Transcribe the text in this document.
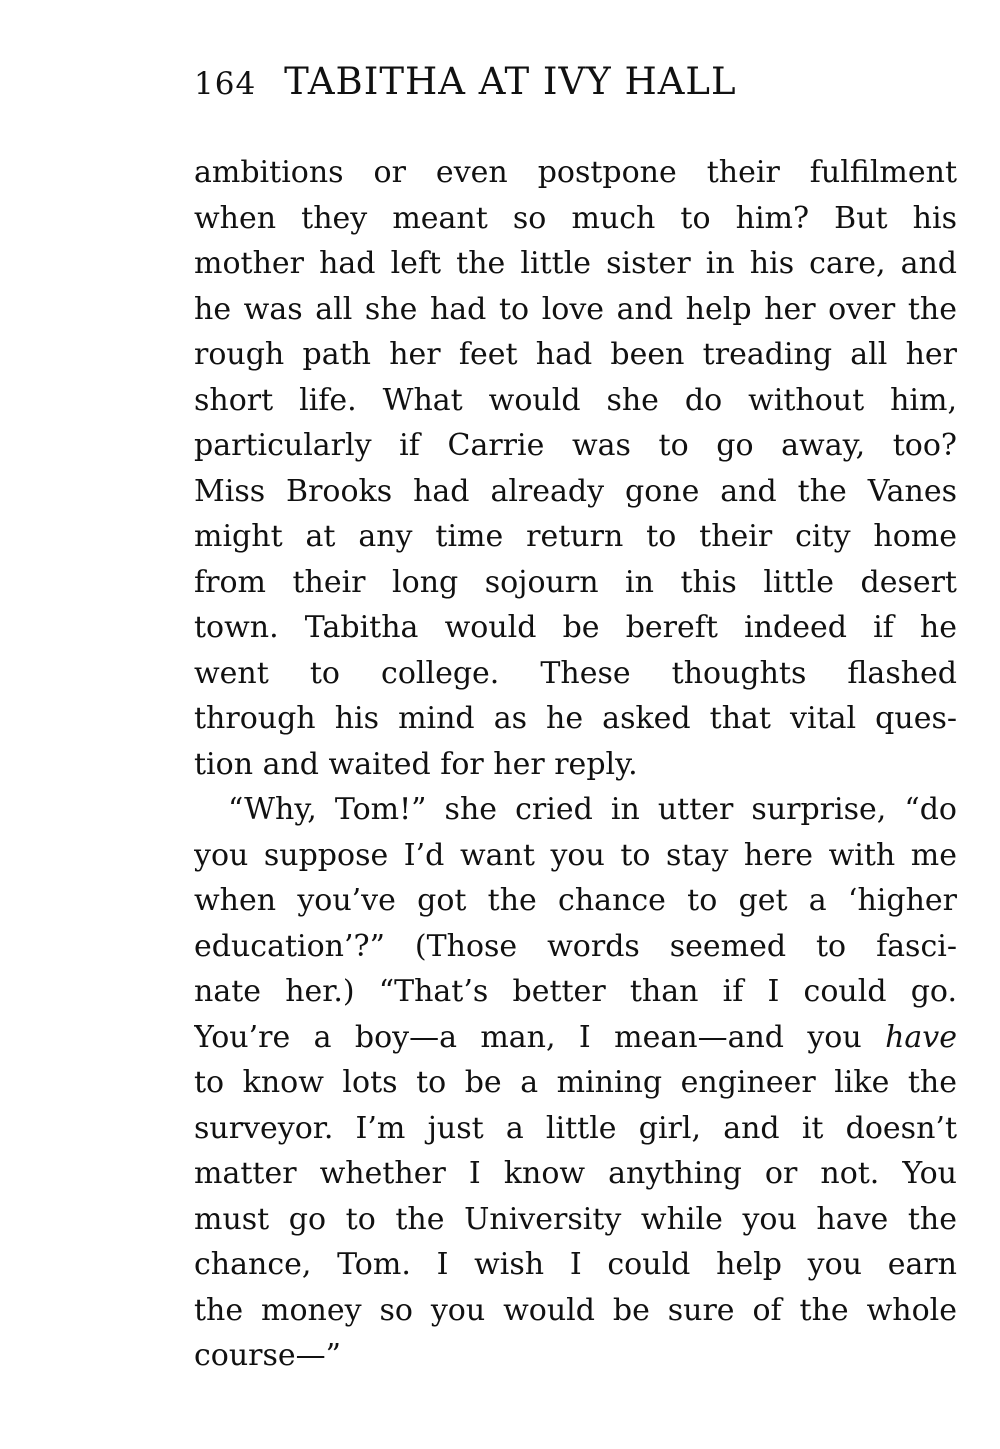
164 TABITHA AT IVY HALL
ambitions or even postpone their fulfilment
when they meant so much to him? But his
mother had left the little sister in his care, and
he was all she had to love and help her over the
rough path her feet had been treading all her
short life. What would she do without him,
particularly if Carrie was to go away, too?
Miss Brooks had already gone and the Vanes
might at any time return to their city home
from their long sojourn in this little desert
town. Tabitha would be bereft indeed if he
went to college. These thoughts flashed
through his mind as he asked that vital ques-
tion and waited for her reply.
“Why, Tom!” she cried in utter surprise, “do
you suppose I’d want you to stay here with me
when you’ve got the chance to get a ‘higher
education’?” (Those words seemed to fasci-
nate her.) “That’s better than if I could go.
You’re a boy—a man, I mean—and you have
to know lots to be a mining engineer like the
surveyor. I’m just a little girl, and it doesn’t
matter whether I know anything or not. You
must go to the University while you have the
chance, Tom. I wish I could help you earn
the money so you would be sure of the whole
course—”
